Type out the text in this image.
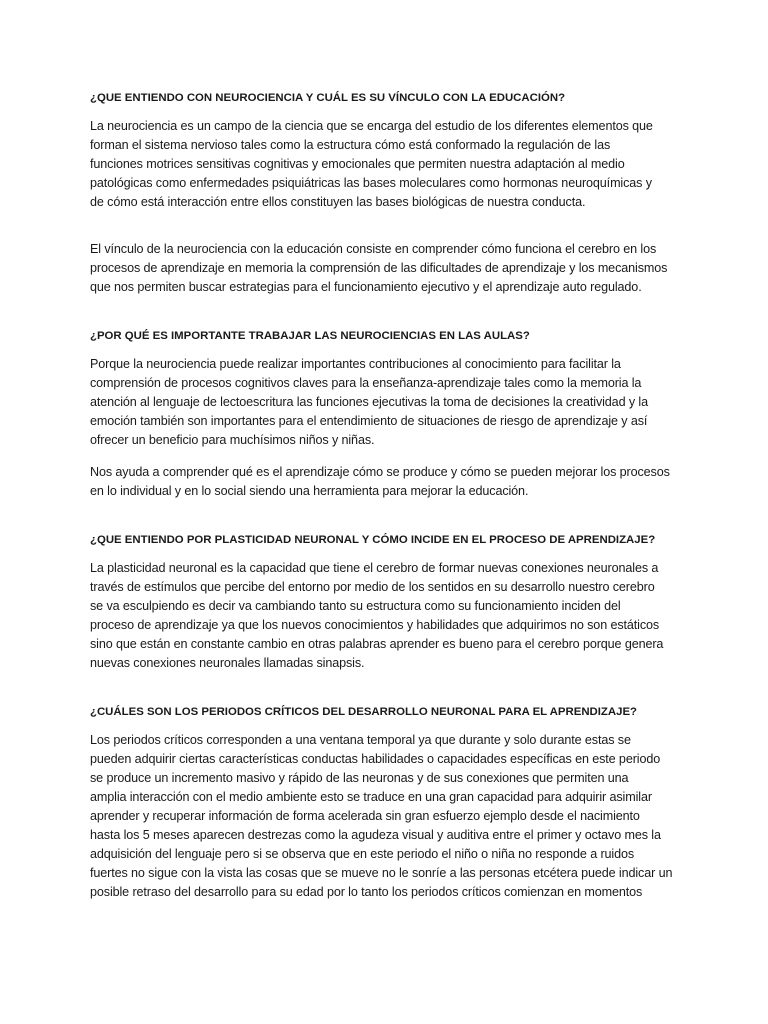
¿QUE ENTIENDO CON NEUROCIENCIA Y CUÁL ES SU VÍNCULO CON LA EDUCACIÓN?

La neurociencia es un campo de la ciencia que se encarga del estudio de los diferentes elementos que
forman el sistema nervioso tales como la estructura cómo está conformado la regulación de las
funciones motrices sensitivas cognitivas y emocionales que permiten nuestra adaptación al medio
patológicas como enfermedades psiquiátricas las bases moleculares como hormonas neuroquímicas y
de cómo está interacción entre ellos constituyen las bases biológicas de nuestra conducta.

El vínculo de la neurociencia con la educación consiste en comprender cómo funciona el cerebro en los
procesos de aprendizaje en memoria la comprensión de las dificultades de aprendizaje y los mecanismos
que nos permiten buscar estrategias para el funcionamiento ejecutivo y el aprendizaje auto regulado.

¿POR QUÉ ES IMPORTANTE TRABAJAR LAS NEUROCIENCIAS EN LAS AULAS?

Porque la neurociencia puede realizar importantes contribuciones al conocimiento para facilitar la
comprensión de procesos cognitivos claves para la enseñanza-aprendizaje tales como la memoria la
atención al lenguaje de lectoescritura las funciones ejecutivas la toma de decisiones la creatividad y la
emoción también son importantes para el entendimiento de situaciones de riesgo de aprendizaje y así
ofrecer un beneficio para muchísimos niños y niñas.

Nos ayuda a comprender qué es el aprendizaje cómo se produce y cómo se pueden mejorar los procesos
en lo individual y en lo social siendo una herramienta para mejorar la educación.

¿QUE ENTIENDO POR PLASTICIDAD NEURONAL Y CÓMO INCIDE EN EL PROCESO DE APRENDIZAJE?

La plasticidad neuronal es la capacidad que tiene el cerebro de formar nuevas conexiones neuronales a
través de estímulos que percibe del entorno por medio de los sentidos en su desarrollo nuestro cerebro
se va esculpiendo es decir va cambiando tanto su estructura como su funcionamiento inciden del
proceso de aprendizaje ya que los nuevos conocimientos y habilidades que adquirimos no son estáticos
sino que están en constante cambio en otras palabras aprender es bueno para el cerebro porque genera
nuevas conexiones neuronales llamadas sinapsis.

¿CUÁLES SON LOS PERIODOS CRÍTICOS DEL DESARROLLO NEURONAL PARA EL APRENDIZAJE?

Los periodos críticos corresponden a una ventana temporal ya que durante y solo durante estas se
pueden adquirir ciertas características conductas habilidades o capacidades específicas en este periodo
se produce un incremento masivo y rápido de las neuronas y de sus conexiones que permiten una
amplia interacción con el medio ambiente esto se traduce en una gran capacidad para adquirir asimilar
aprender y recuperar información de forma acelerada sin gran esfuerzo ejemplo desde el nacimiento
hasta los 5 meses aparecen destrezas como la agudeza visual y auditiva entre el primer y octavo mes la
adquisición del lenguaje pero si se observa que en este periodo el niño o niña no responde a ruidos
fuertes no sigue con la vista las cosas que se mueve no le sonríe a las personas etcétera puede indicar un
posible retraso del desarrollo para su edad por lo tanto los periodos críticos comienzan en momentos
